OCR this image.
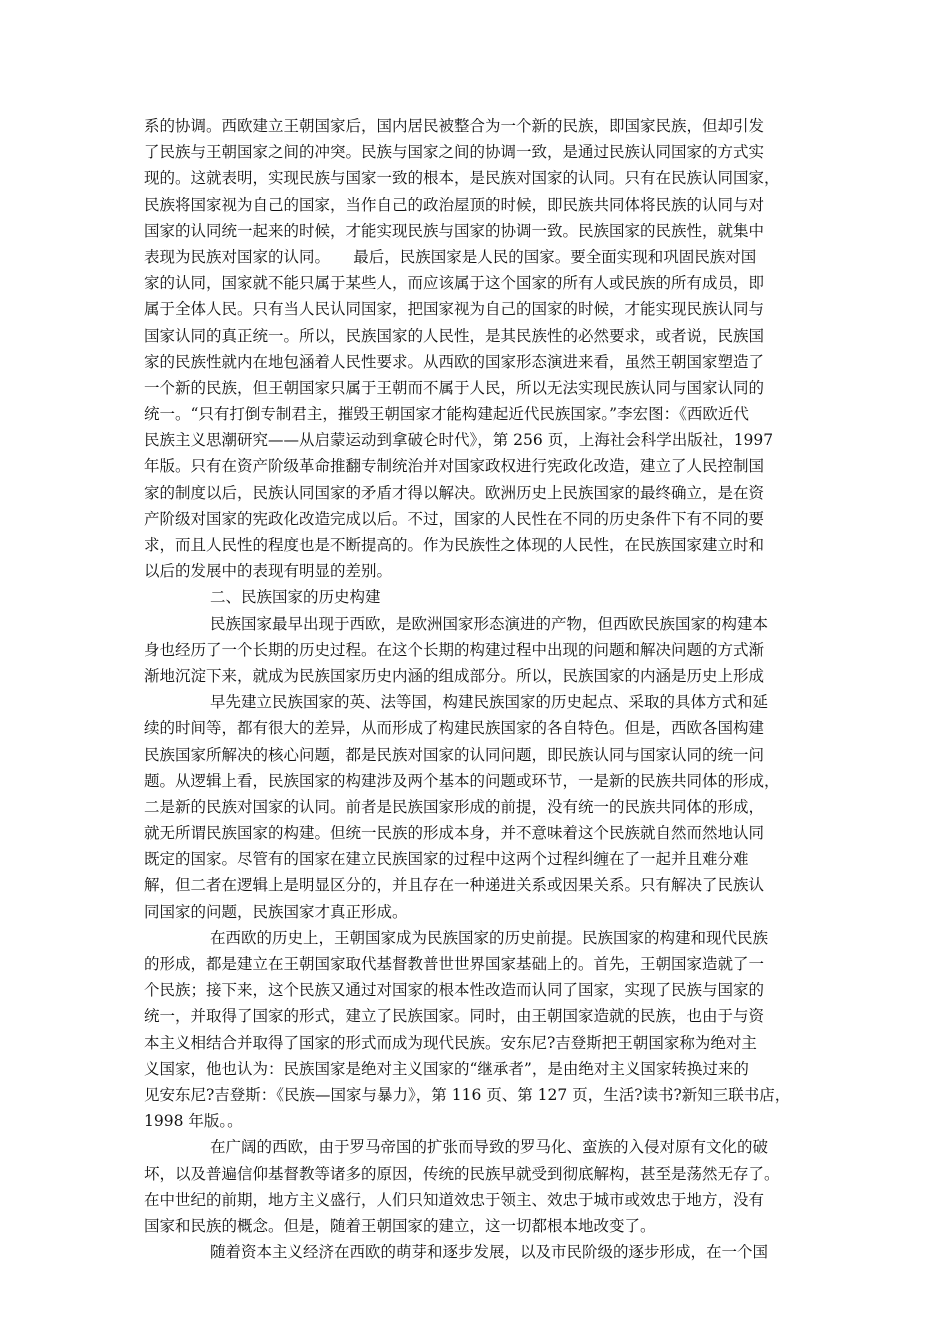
系的协调。西欧建立王朝国家后，国内居民被整合为一个新的民族，即国家民族，但却引发
了民族与王朝国家之间的冲突。民族与国家之间的协调一致，是通过民族认同国家的方式实
现的。这就表明，实现民族与国家一致的根本，是民族对国家的认同。只有在民族认同国家，
民族将国家视为自己的国家，当作自己的政治屋顶的时候，即民族共同体将民族的认同与对
国家的认同统一起来的时候，才能实现民族与国家的协调一致。民族国家的民族性，就集中
表现为民族对国家的认同。　　最后，民族国家是人民的国家。要全面实现和巩固民族对国
家的认同，国家就不能只属于某些人，而应该属于这个国家的所有人或民族的所有成员，即
属于全体人民。只有当人民认同国家，把国家视为自己的国家的时候，才能实现民族认同与
国家认同的真正统一。所以，民族国家的人民性，是其民族性的必然要求，或者说，民族国
家的民族性就内在地包涵着人民性要求。从西欧的国家形态演进来看，虽然王朝国家塑造了
一个新的民族，但王朝国家只属于王朝而不属于人民，所以无法实现民族认同与国家认同的
统一。“只有打倒专制君主，摧毁王朝国家才能构建起近代民族国家。”李宏图：《西欧近代
民族主义思潮研究——从启蒙运动到拿破仑时代》，第 256 页，上海社会科学出版社，1997
年版。只有在资产阶级革命推翻专制统治并对国家政权进行宪政化改造，建立了人民控制国
家的制度以后，民族认同国家的矛盾才得以解决。欧洲历史上民族国家的最终确立，是在资
产阶级对国家的宪政化改造完成以后。不过，国家的人民性在不同的历史条件下有不同的要
求，而且人民性的程度也是不断提高的。作为民族性之体现的人民性，在民族国家建立时和
以后的发展中的表现有明显的差别。
二、民族国家的历史构建
民族国家最早出现于西欧，是欧洲国家形态演进的产物，但西欧民族国家的构建本
身也经历了一个长期的历史过程。在这个长期的构建过程中出现的问题和解决问题的方式渐
渐地沉淀下来，就成为民族国家历史内涵的组成部分。所以，民族国家的内涵是历史上形成
早先建立民族国家的英、法等国，构建民族国家的历史起点、采取的具体方式和延
续的时间等，都有很大的差异，从而形成了构建民族国家的各自特色。但是，西欧各国构建
民族国家所解决的核心问题，都是民族对国家的认同问题，即民族认同与国家认同的统一问
题。从逻辑上看，民族国家的构建涉及两个基本的问题或环节，一是新的民族共同体的形成，
二是新的民族对国家的认同。前者是民族国家形成的前提，没有统一的民族共同体的形成，
就无所谓民族国家的构建。但统一民族的形成本身，并不意味着这个民族就自然而然地认同
既定的国家。尽管有的国家在建立民族国家的过程中这两个过程纠缠在了一起并且难分难
解，但二者在逻辑上是明显区分的，并且存在一种递进关系或因果关系。只有解决了民族认
同国家的问题，民族国家才真正形成。
在西欧的历史上，王朝国家成为民族国家的历史前提。民族国家的构建和现代民族
的形成，都是建立在王朝国家取代基督教普世世界国家基础上的。首先，王朝国家造就了一
个民族；接下来，这个民族又通过对国家的根本性改造而认同了国家，实现了民族与国家的
统一，并取得了国家的形式，建立了民族国家。同时，由王朝国家造就的民族，也由于与资
本主义相结合并取得了国家的形式而成为现代民族。安东尼?吉登斯把王朝国家称为绝对主
义国家，他也认为：民族国家是绝对主义国家的“继承者”，是由绝对主义国家转换过来的
见安东尼?吉登斯：《民族—国家与暴力》，第 116 页、第 127 页，生活?读书?新知三联书店，
1998 年版。。
在广阔的西欧，由于罗马帝国的扩张而导致的罗马化、蛮族的入侵对原有文化的破
坏，以及普遍信仰基督教等诸多的原因，传统的民族早就受到彻底解构，甚至是荡然无存了。
在中世纪的前期，地方主义盛行，人们只知道效忠于领主、效忠于城市或效忠于地方，没有
国家和民族的概念。但是，随着王朝国家的建立，这一切都根本地改变了。
随着资本主义经济在西欧的萌芽和逐步发展，以及市民阶级的逐步形成，在一个国
